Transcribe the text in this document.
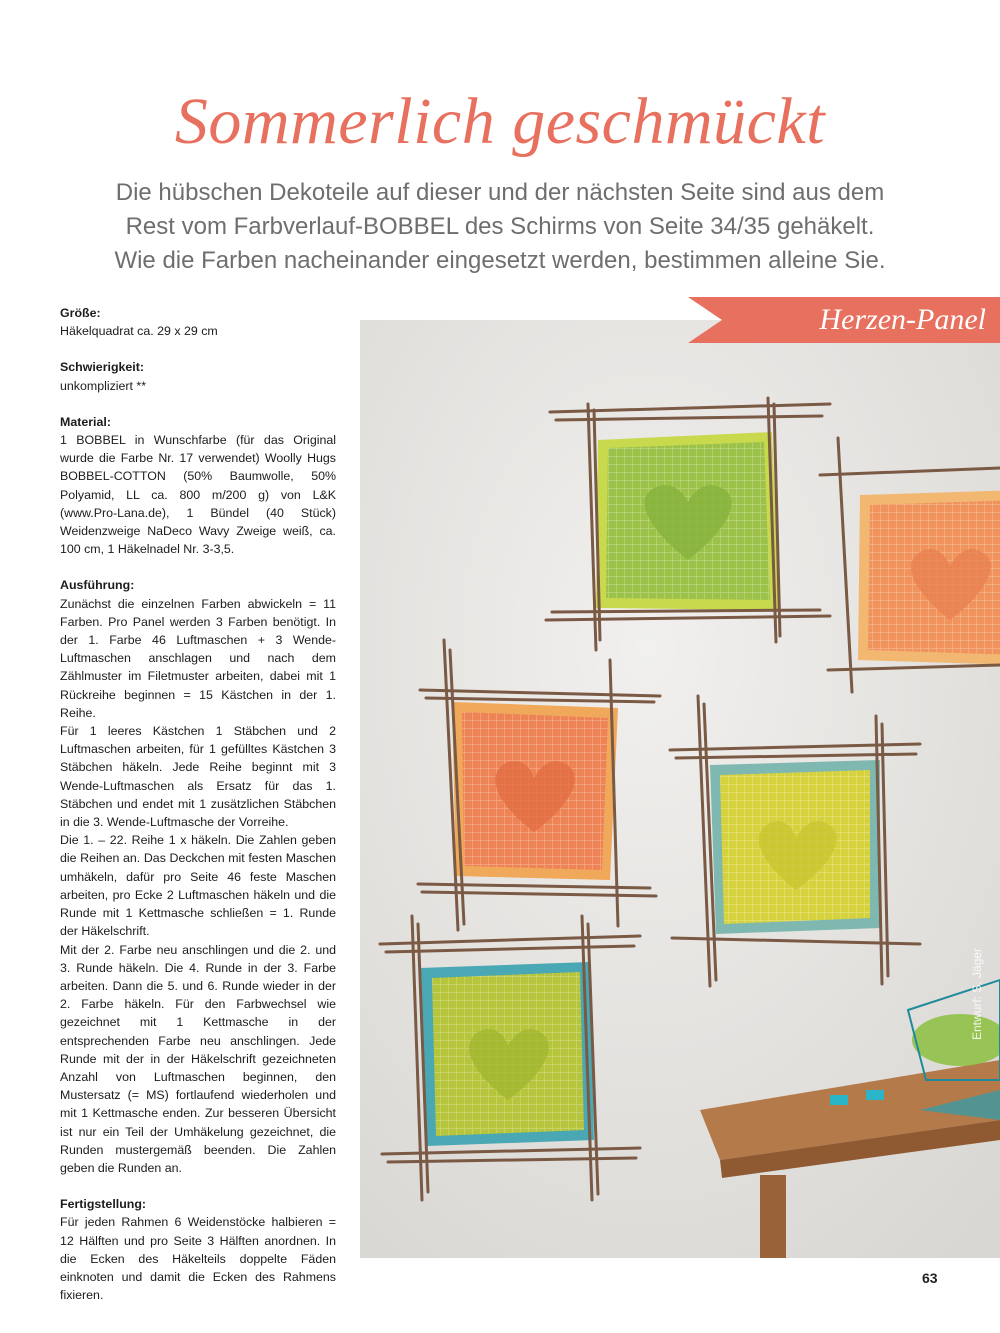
Sommerlich geschmückt
Die hübschen Dekoteile auf dieser und der nächsten Seite sind aus dem
Rest vom Farbverlauf-BOBBEL des Schirms von Seite 34/35 gehäkelt.
Wie die Farben nacheinander eingesetzt werden, bestimmen alleine Sie.
Größe:

Häkelquadrat ca. 29 x 29 cm

Schwierigkeit:

unkompliziert **

Material:

1 BOBBEL in Wunschfarbe (für das Original wurde die Farbe Nr. 17 verwendet) Woolly Hugs BOBBEL-COTTON (50% Baumwolle, 50% Polyamid, LL ca. 800 m/200 g) von L&K (www.Pro-Lana.de), 1 Bündel (40 Stück) Weidenzweige NaDeco Wavy Zweige weiß, ca. 100 cm, 1 Häkelnadel Nr. 3-3,5.

Ausführung:

Zunächst die einzelnen Farben abwickeln = 11 Farben. Pro Panel werden 3 Farben benötigt. In der 1. Farbe 46 Luftmaschen + 3 Wende-Luftmaschen anschlagen und nach dem Zählmuster im Filetmuster arbeiten, dabei mit 1 Rückreihe beginnen = 15 Kästchen in der 1. Reihe.

Für 1 leeres Kästchen 1 Stäbchen und 2 Luftmaschen arbeiten, für 1 gefülltes Kästchen 3 Stäbchen häkeln. Jede Reihe beginnt mit 3 Wende-Luftmaschen als Ersatz für das 1. Stäbchen und endet mit 1 zusätzlichen Stäbchen in die 3. Wende-Luftmasche der Vorreihe.

Die 1. – 22. Reihe 1 x häkeln. Die Zahlen geben die Reihen an. Das Deckchen mit festen Maschen umhäkeln, dafür pro Seite 46 feste Maschen arbeiten, pro Ecke 2 Luftmaschen häkeln und die Runde mit 1 Kettmasche schließen = 1. Runde der Häkelschrift.

Mit der 2. Farbe neu anschlingen und die 2. und 3. Runde häkeln. Die 4. Runde in der 3. Farbe arbeiten. Dann die 5. und 6. Runde wieder in der 2. Farbe häkeln. Für den Farbwechsel wie gezeichnet mit 1 Kettmasche in der entsprechenden Farbe neu anschlingen. Jede Runde mit der in der Häkelschrift gezeichneten Anzahl von Luftmaschen beginnen, den Mustersatz (= MS) fortlaufend wiederholen und mit 1 Kettmasche enden. Zur besseren Übersicht ist nur ein Teil der Umhäkelung gezeichnet, die Runden mustergemäß beenden. Die Zahlen geben die Runden an.

Fertigstellung:

Für jeden Rahmen 6 Weidenstöcke halbieren = 12 Hälften und pro Seite 3 Hälften anordnen. In die Ecken des Häkelteils doppelte Fäden einknoten und damit die Ecken des Rahmens fixieren.

Herzen-Panel

Entwurf: S. Jäger
63
